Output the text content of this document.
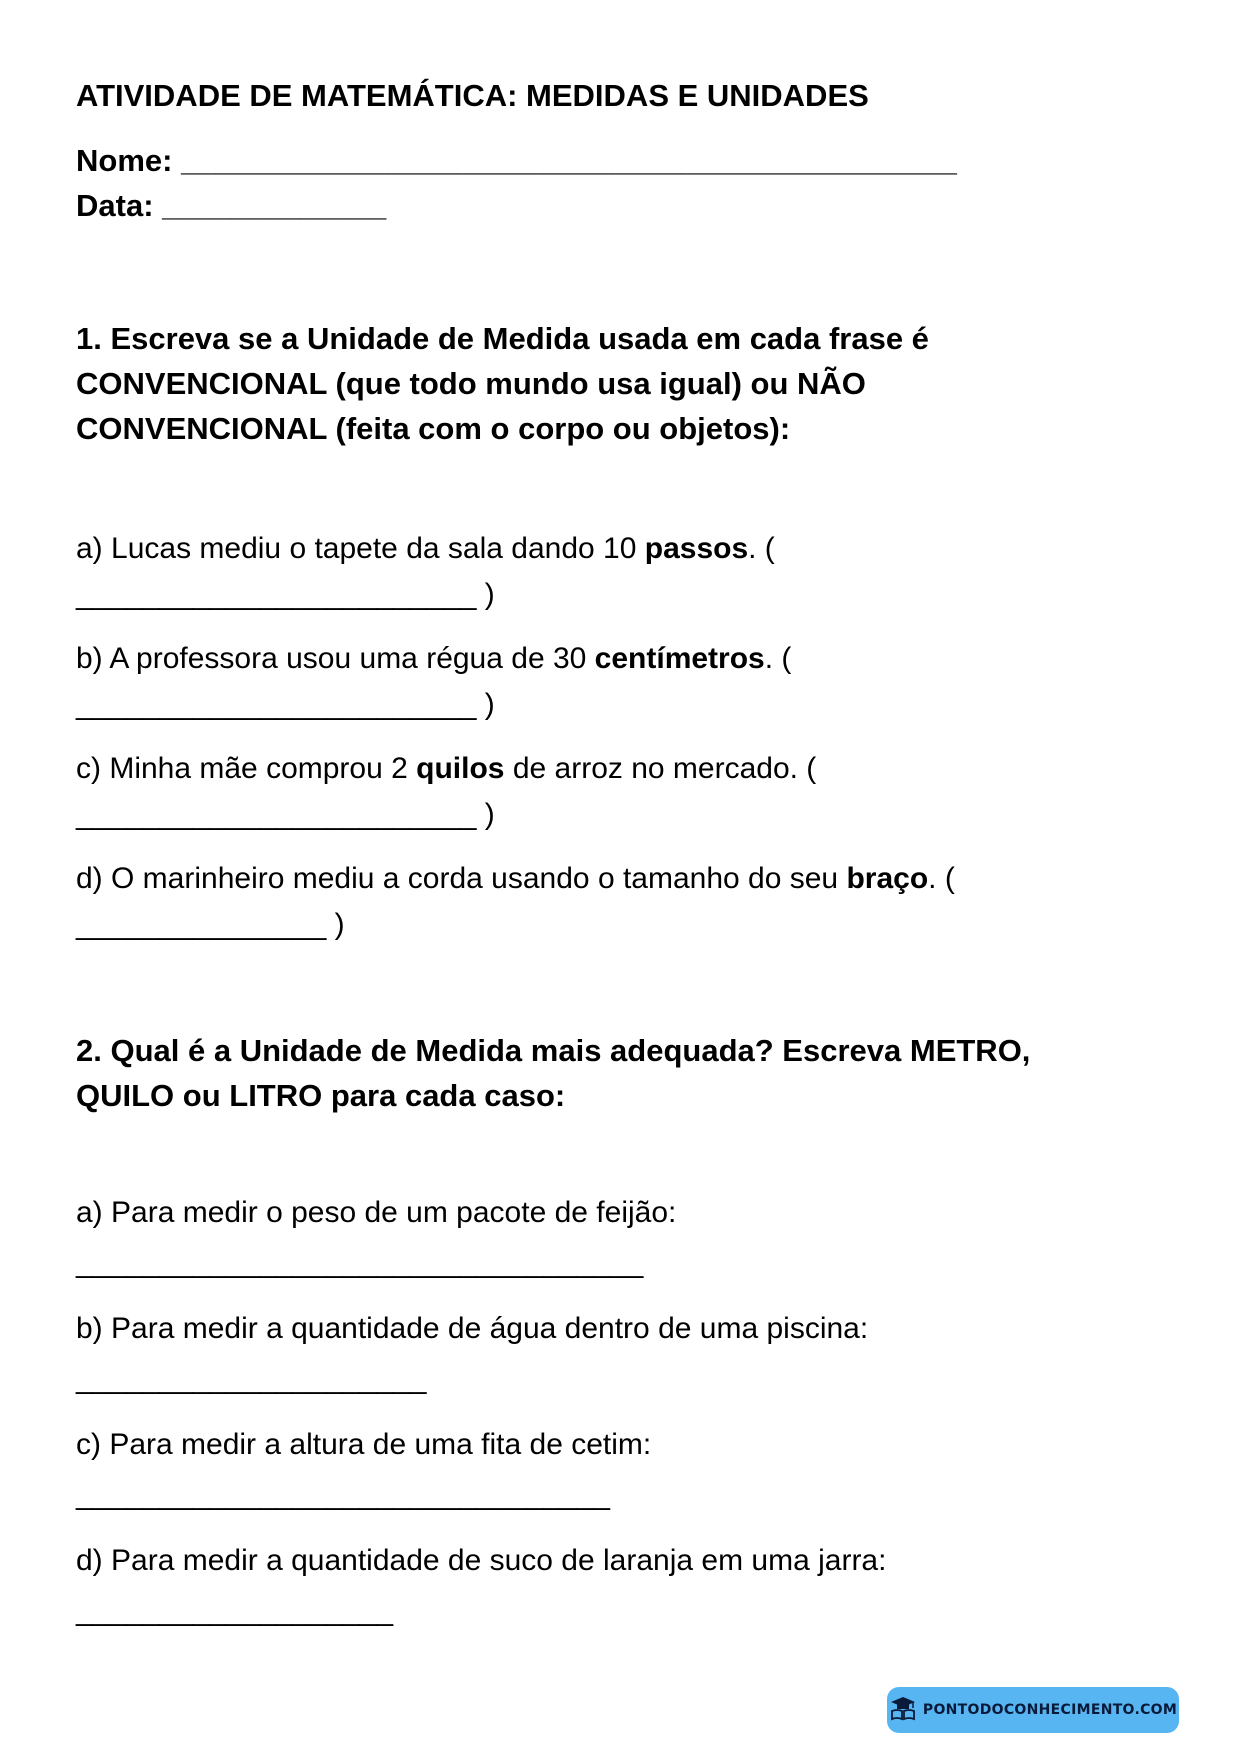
ATIVIDADE DE MATEMÁTICA: MEDIDAS E UNIDADES

Nome: _____________________________________________

Data: _____________

1. Escreva se a Unidade de Medida usada em cada frase é

CONVENCIONAL (que todo mundo usa igual) ou NÃO

CONVENCIONAL (feita com o corpo ou objetos):

a) Lucas mediu o tapete da sala dando 10 passos. (
________________________ )
b) A professora usou uma régua de 30 centímetros. (
________________________ )
c) Minha mãe comprou 2 quilos de arroz no mercado. (
________________________ )
d) O marinheiro mediu a corda usando o tamanho do seu braço. (
_______________ )

2. Qual é a Unidade de Medida mais adequada? Escreva METRO,

QUILO ou LITRO para cada caso:

a) Para medir o peso de um pacote de feijão:
__________________________________
b) Para medir a quantidade de água dentro de uma piscina:
_____________________
c) Para medir a altura de uma fita de cetim:
________________________________
d) Para medir a quantidade de suco de laranja em uma jarra:
___________________
PONTODOCONHECIMENTO.COM
